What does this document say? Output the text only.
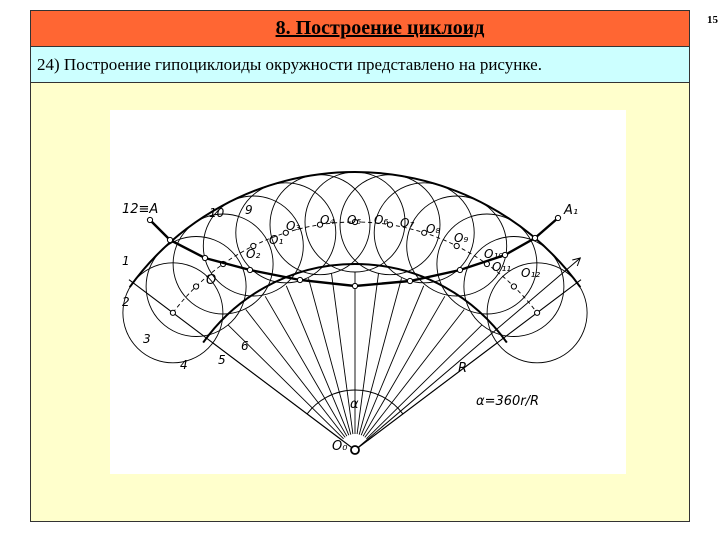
8. Построение циклоид
24) Построение гипоциклоиды окружности представлено на рисунке.
15
12≡A	A₁
O
O₀
R
α	α=360r/R
1
2
3
4	5
6
10 9
O₁
O₂
O₃ O₄ O₅ O₆ O₇ O₈
O₉
O₁₀
O₁₁ O₁₂
